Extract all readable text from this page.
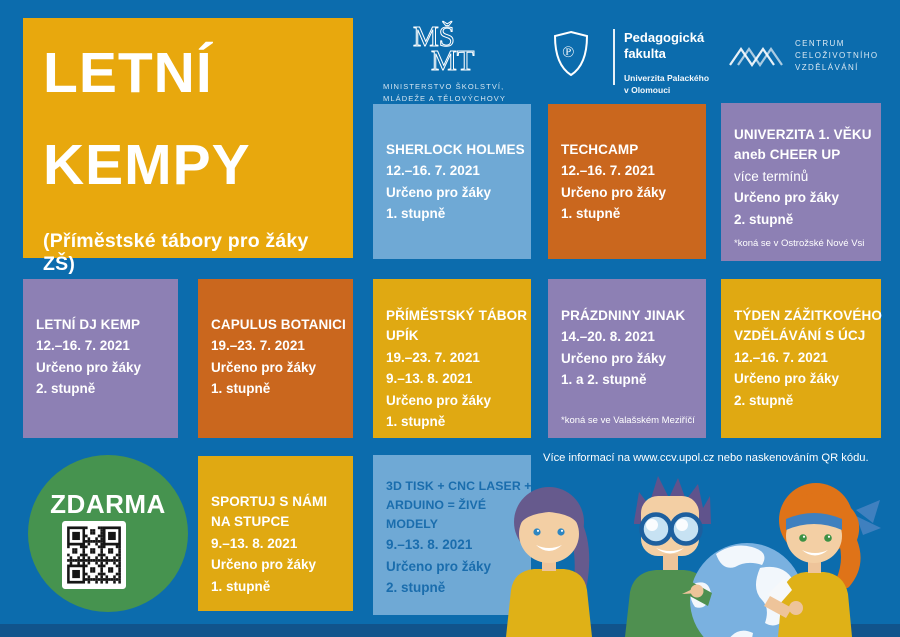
LETNÍ
KEMPY
(Příměstské tábory pro žáky ZŠ)
MŠ
MT
MINISTERSTVO ŠKOLSTVÍ,
MLÁDEŽE A TĚLOVÝCHOVY
℗
Pedagogická
fakulta
Univerzita Palackého
v Olomouci
CENTRUM
CELOŽIVOTNÍHO
VZDĚLÁVÁNÍ
SHERLOCK HOLMES
12.–16. 7. 2021
Určeno pro žáky
1. stupně
TECHCAMP
12.–16. 7. 2021
Určeno pro žáky
1. stupně
UNIVERZITA 1. VĚKU
aneb CHEER UP
více termínů
Určeno pro žáky
2. stupně
*koná se v Ostrožské Nové Vsi
LETNÍ DJ KEMP
12.–16. 7. 2021
Určeno pro žáky
2. stupně
CAPULUS BOTANICI
19.–23. 7. 2021
Určeno pro žáky
1. stupně
PŘÍMĚSTSKÝ TÁBOR
UPÍK
19.–23. 7. 2021
9.–13. 8. 2021
Určeno pro žáky
1. stupně
PRÁZDNINY JINAK
14.–20. 8. 2021
Určeno pro žáky
1. a 2. stupně
*koná se ve Valašském Meziříčí
TÝDEN ZÁŽITKOVÉHO
VZDĚLÁVÁNÍ S ÚCJ
12.–16. 7. 2021
Určeno pro žáky
2. stupně
SPORTUJ S NÁMI
NA STUPCE
9.–13. 8. 2021
Určeno pro žáky
1. stupně
3D TISK + CNC LASER +
ARDUINO = ŽIVÉ
MODELY
9.–13. 8. 2021
Určeno pro žáky
2. stupně
ZDARMA
Více informací na www.ccv.upol.cz nebo naskenováním QR kódu.
